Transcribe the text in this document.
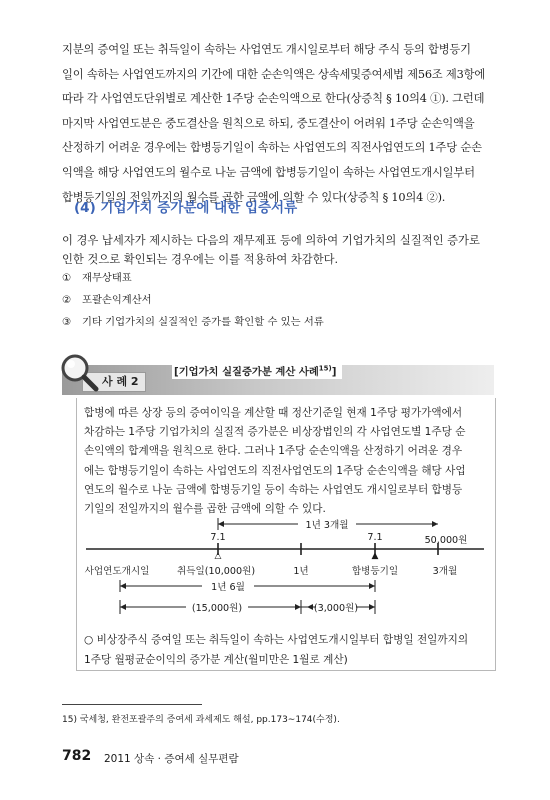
지분의 증여일 또는 취득일이 속하는 사업연도 개시일로부터 해당 주식 등의 합병등기
일이 속하는 사업연도까지의 기간에 대한 순손익액은 상속세및증여세법 제56조 제3항에
따라 각 사업연도단위별로 계산한 1주당 순손익액으로 한다(상증칙 § 10의4 ①). 그런데
마지막 사업연도분은 중도결산을 원칙으로 하되, 중도결산이 어려워 1주당 순손익액을
산정하기 어려운 경우에는 합병등기일이 속하는 사업연도의 직전사업연도의 1주당 순손
익액을 해당 사업연도의 월수로 나눈 금액에 합병등기일이 속하는 사업연도개시일부터
합병등기일의 전일까지의 월수를 곱한 금액에 의할 수 있다(상증칙 § 10의4 ②).
(4) 기업가치 증가분에 대한 입증서류
이 경우 납세자가 제시하는 다음의 재무제표 등에 의하여 기업가치의 실질적인 증가로
인한 것으로 확인되는 경우에는 이를 적용하여 차감한다.
① 재무상태표
② 포괄손익계산서
③ 기타 기업가치의 실질적인 증가를 확인할 수 있는 서류
사 례 2
[기업가치 실질증가분 계산 사례$^{15)}$]
합병에 따른 상장 등의 증여이익을 계산할 때 정산기준일 현재 1주당 평가가액에서
차감하는 1주당 기업가치의 실질적 증가분은 비상장법인의 각 사업연도별 1주당 순
손익액의 합계액을 원칙으로 한다. 그러나 1주당 순손익액을 산정하기 어려운 경우
에는 합병등기일이 속하는 사업연도의 직전사업연도의 1주당 순손익액을 해당 사업
연도의 월수로 나눈 금액에 합병등기일 등이 속하는 사업연도 개시일로부터 합병등
기일의 전일까지의 월수를 곱한 금액에 의할 수 있다.
1년 3개월
7.1	7.1	50,000원
△	▲
사업연도개시일	취득일(10,000원)	1년	합병등기일	3개월
1년 6월
(15,000원)	(3,000원)
○ 비상장주식 증여일 또는 취득일이 속하는 사업연도개시일부터 합병일 전일까지의
1주당 월평균순이익의 증가분 계산(월미만은 1월로 계산)
15) 국세청, 완전포괄주의 증여세 과세제도 해설, pp.173∼174(수정).
782 2011 상속 · 증여세 실무편람
